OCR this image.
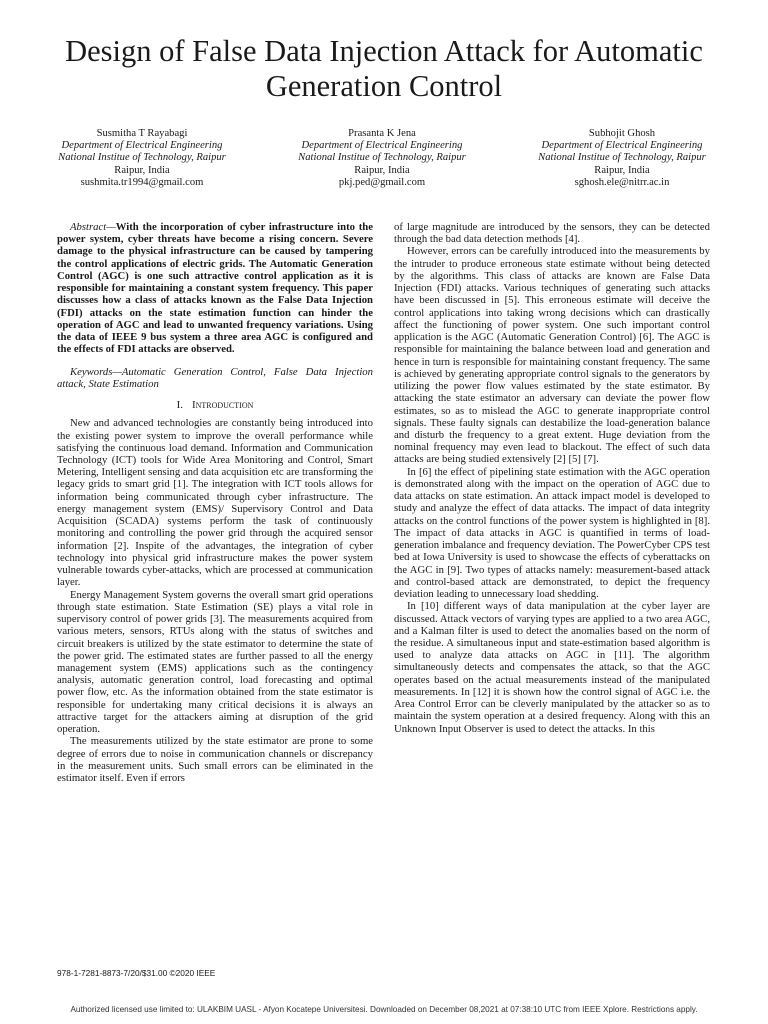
Design of False Data Injection Attack for Automatic Generation Control
Susmitha T Rayabagi
Department of Electrical Engineering
National Institue of Technology, Raipur
Raipur, India
sushmita.tr1994@gmail.com
Prasanta K Jena
Department of Electrical Engineering
National Institue of Technology, Raipur
Raipur, India
pkj.ped@gmail.com
Subhojit Ghosh
Department of Electrical Engineering
National Institue of Technology, Raipur
Raipur, India
sghosh.ele@nitrr.ac.in

Abstract—With the incorporation of cyber infrastructure into the power system, cyber threats have become a rising concern. Severe damage to the physical infrastructure can be caused by tampering the control applications of electric grids. The Automatic Generation Control (AGC) is one such attractive control application as it is responsible for maintaining a constant system frequency. This paper discusses how a class of attacks known as the False Data Injection (FDI) attacks on the state estimation function can hinder the operation of AGC and lead to unwanted frequency variations. Using the data of IEEE 9 bus system a three area AGC is configured and the effects of FDI attacks are observed.

Keywords—Automatic Generation Control, False Data Injection attack, State Estimation

I. Introduction

New and advanced technologies are constantly being introduced into the existing power system to improve the overall performance while satisfying the continuous load demand. Information and Communication Technology (ICT) tools for Wide Area Monitoring and Control, Smart Metering, Intelligent sensing and data acquisition etc are transforming the legacy grids to smart grid [1]. The integration with ICT tools allows for information being communicated through cyber infrastructure. The energy management system (EMS)/ Supervisory Control and Data Acquisition (SCADA) systems perform the task of continuously monitoring and controlling the power grid through the acquired sensor information [2]. Inspite of the advantages, the integration of cyber technology into physical grid infrastructure makes the power system vulnerable towards cyber-attacks, which are processed at communication layer.

Energy Management System governs the overall smart grid operations through state estimation. State Estimation (SE) plays a vital role in supervisory control of power grids [3]. The measurements acquired from various meters, sensors, RTUs along with the status of switches and circuit breakers is utilized by the state estimator to determine the state of the power grid. The estimated states are further passed to all the energy management system (EMS) applications such as the contingency analysis, automatic generation control, load forecasting and optimal power flow, etc. As the information obtained from the state estimator is responsible for undertaking many critical decisions it is always an attractive target for the attackers aiming at disruption of the grid operation.

The measurements utilized by the state estimator are prone to some degree of errors due to noise in communication channels or discrepancy in the measurement units. Such small errors can be eliminated in the estimator itself. Even if errors

of large magnitude are introduced by the sensors, they can be detected through the bad data detection methods [4].

However, errors can be carefully introduced into the measurements by the intruder to produce erroneous state estimate without being detected by the algorithms. This class of attacks are known are False Data Injection (FDI) attacks. Various techniques of generating such attacks have been discussed in [5]. This erroneous estimate will deceive the control applications into taking wrong decisions which can drastically affect the functioning of power system. One such important control application is the AGC (Automatic Generation Control) [6]. The AGC is responsible for maintaining the balance between load and generation and hence in turn is responsible for maintaining constant frequency. The same is achieved by generating appropriate control signals to the generators by utilizing the power flow values estimated by the state estimator. By attacking the state estimator an adversary can deviate the power flow estimates, so as to mislead the AGC to generate inappropriate control signals. These faulty signals can destabilize the load-generation balance and disturb the frequency to a great extent. Huge deviation from the nominal frequency may even lead to blackout. The effect of such data attacks are being studied extensively [2] [5] [7].

In [6] the effect of pipelining state estimation with the AGC operation is demonstrated along with the impact on the operation of AGC due to data attacks on state estimation. An attack impact model is developed to study and analyze the effect of data attacks. The impact of data integrity attacks on the control functions of the power system is highlighted in [8]. The impact of data attacks in AGC is quantified in terms of load-generation imbalance and frequency deviation. The PowerCyber CPS test bed at Iowa University is used to showcase the effects of cyberattacks on the AGC in [9]. Two types of attacks namely: measurement-based attack and control-based attack are demonstrated, to depict the frequency deviation leading to unnecessary load shedding.

In [10] different ways of data manipulation at the cyber layer are discussed. Attack vectors of varying types are applied to a two area AGC, and a Kalman filter is used to detect the anomalies based on the norm of the residue. A simultaneous input and state-estimation based algorithm is used to analyze data attacks on AGC in [11]. The algorithm simultaneously detects and compensates the attack, so that the AGC operates based on the actual measurements instead of the manipulated measurements. In [12] it is shown how the control signal of AGC i.e. the Area Control Error can be cleverly manipulated by the attacker so as to maintain the system operation at a desired frequency. Along with this an Unknown Input Observer is used to detect the attacks. In this

978-1-7281-8873-7/20/$31.00 ©2020 IEEE
Authorized licensed use limited to: ULAKBIM UASL - Afyon Kocatepe Universitesi. Downloaded on December 08,2021 at 07:38:10 UTC from IEEE Xplore. Restrictions apply.
